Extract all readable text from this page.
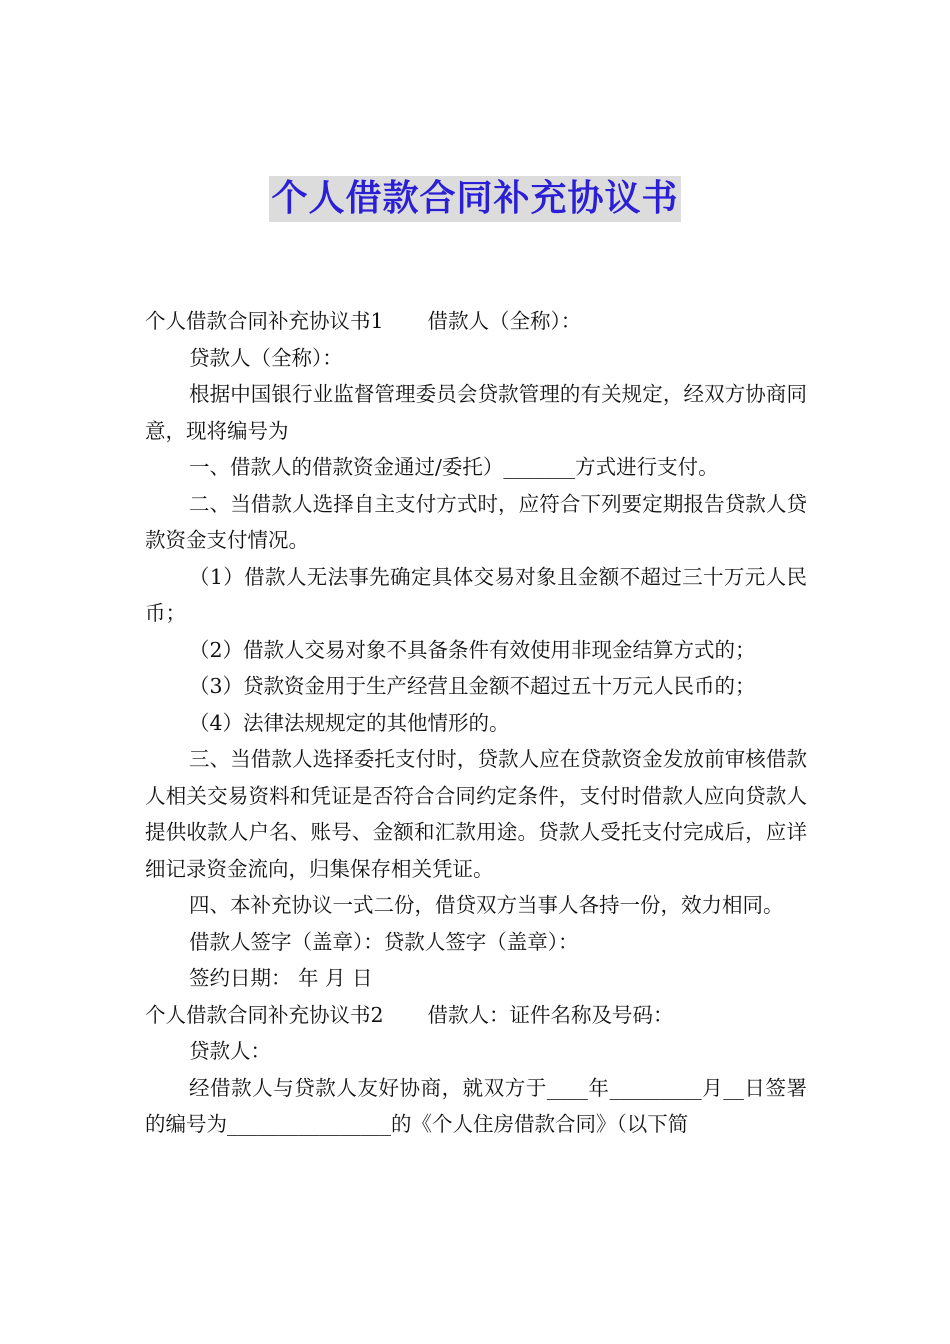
个人借款合同补充协议书

个人借款合同补充协议书1 借款人（全称）：

贷款人（全称）：

根据中国银行业监督管理委员会贷款管理的有关规定，经双方协商同意，现将编号为

一、借款人的借款资金通过/委托）_______方式进行支付。

二、当借款人选择自主支付方式时，应符合下列要定期报告贷款人贷款资金支付情况。

（1）借款人无法事先确定具体交易对象且金额不超过三十万元人民币；

（2）借款人交易对象不具备条件有效使用非现金结算方式的；

（3）贷款资金用于生产经营且金额不超过五十万元人民币的；

（4）法律法规规定的其他情形的。

三、当借款人选择委托支付时，贷款人应在贷款资金发放前审核借款人相关交易资料和凭证是否符合合同约定条件，支付时借款人应向贷款人提供收款人户名、账号、金额和汇款用途。贷款人受托支付完成后，应详细记录资金流向，归集保存相关凭证。

四、本补充协议一式二份，借贷双方当事人各持一份，效力相同。

借款人签字（盖章）：贷款人签字（盖章）：

签约日期： 年 月 日

个人借款合同补充协议书2 借款人：证件名称及号码：

贷款人：

经借款人与贷款人友好协商，就双方于____年_________月__日签署的编号为________________的《个人住房借款合同》（以下简
